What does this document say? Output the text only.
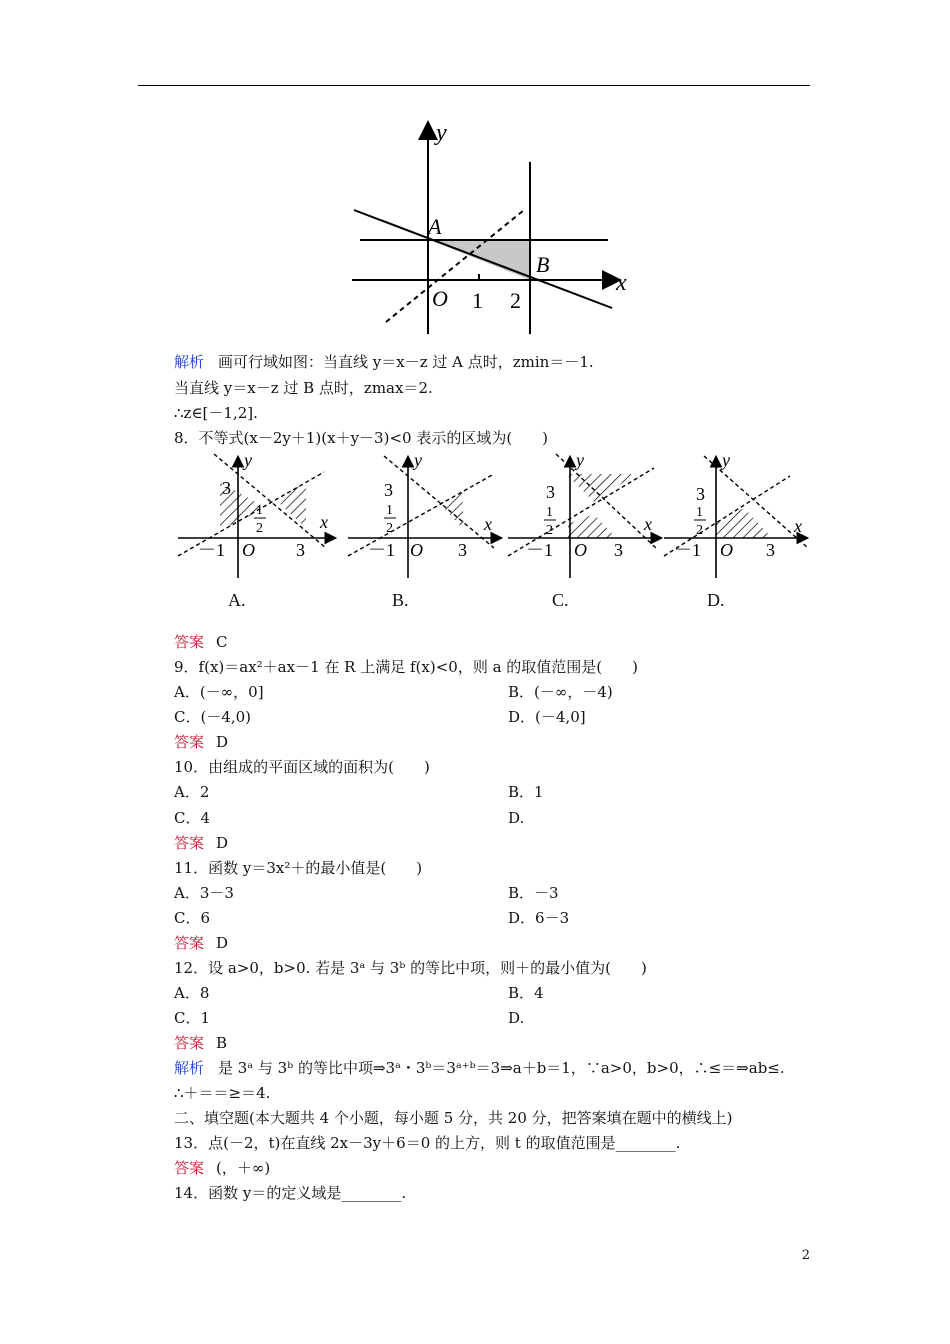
y
A
B
x
O 1 2
解析 画可行域如图：当直线 y＝x－z 过 A 点时，zmin＝－1.
当直线 y＝x－z 过 B 点时，zmax＝2.
∴z∈[－1,2].
8．不等式(x－2y＋1)(x＋y－3)<0 表示的区域为(　　)
y
x
3
1
2
－1 O 3
y
x
3
1
2
－1 O 3
y
x
3
1
2
－1 O 3
y
x
3
1
2
－1 O 3
A.	B.	C.	D.
答案 C
9．f(x)＝ax²＋ax－1 在 R 上满足 f(x)<0，则 a 的取值范围是(　　)
A．(－∞，0]	B．(－∞，－4)
C．(－4,0)	D．(－4,0]
答案 D
10．由组成的平面区域的面积为(　　)
A．2	B．1
C．4	D.
答案 D
11．函数 y＝3x²＋的最小值是(　　)
A．3－3	B．－3
C．6	D．6－3
答案 D
12．设 a>0，b>0. 若是 3ᵃ 与 3ᵇ 的等比中项，则＋的最小值为(　　)
A．8	B．4
C．1	D.
答案 B
解析 是 3ᵃ 与 3ᵇ 的等比中项⇒3ᵃ・3ᵇ＝3ᵃ⁺ᵇ＝3⇒a＋b＝1，∵a>0，b>0，∴≤＝⇒ab≤.
∴＋＝＝≥＝4.
二、填空题(本大题共 4 个小题，每小题 5 分，共 20 分，把答案填在题中的横线上)
13．点(－2，t)在直线 2x－3y＋6＝0 的上方，则 t 的取值范围是________.
答案 (，＋∞)
14．函数 y＝的定义域是________.
2
